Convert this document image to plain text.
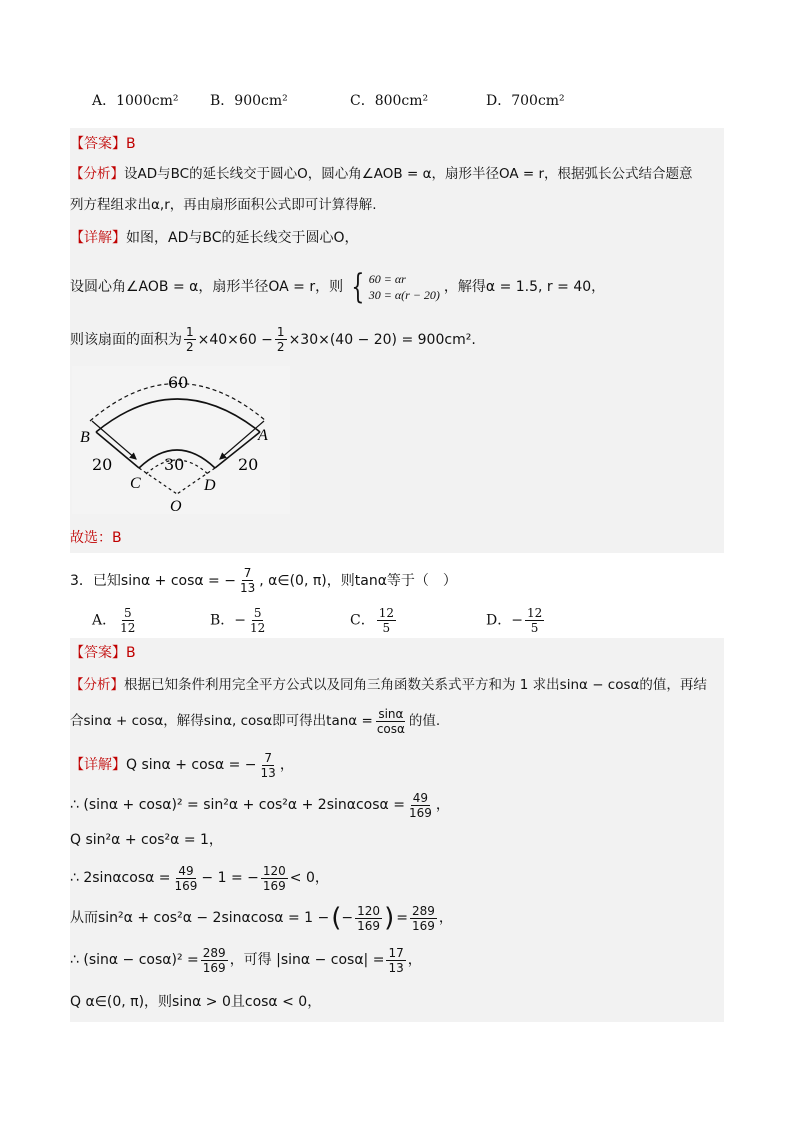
A．1000cm² B．900cm²	C．800cm²	D．700cm²
【答案】 B
【分析】 设AD与BC的延长线交于圆心O，圆心角∠AOB = α，扇形半径OA = r，根据弧长公式结合题意
列方程组求出α,r，再由扇形面积公式即可计算得解.
【详解】 如图，AD与BC的延长线交于圆心O，
设圆心角∠AOB = α，扇形半径OA = r，则 { 60 = αr
30 = α(r − 20) ，解得α = 1.5, r = 40，
则该扇面的面积为 $\frac{1}{2} \times 40\times 60 - \frac{1}{2} \times 30\times(40 - 20) = 900cm^2$.
故选：B
3．已知sinα + cosα = − $\frac{7}{13}$ , α∈(0, π)，则tanα等于（　）
A． $\frac{5}{12}$	B．− $\frac{5}{12}$	C． $\frac{12}{5}$	D．− $\frac{12}{5}$
【答案】 B
【分析】 根据已知条件利用完全平方公式以及同角三角函数关系式平方和为 1 求出sinα − cosα的值，再结
合sinα + cosα，解得sinα, cosα即可得出$\tan\alpha = \frac{\sin\alpha}{\cos\alpha}$ 的值.
【详解】 Q sinα + cosα = − $\frac{7}{13}$ ，
∴ $(\sin\alpha + \cos\alpha)^2 = \sin^2\alpha + \cos^2\alpha + 2\sin\alpha\cos\alpha = \frac{49}{169}$ ，
Q sin²α + cos²α = 1，
∴ $2\sin\alpha\cos\alpha = \frac{49}{169} - 1$ = − $\frac{120}{169} < 0$，
从而sin²α + cos²α − 2sinαcosα = 1 − ( − $\frac{120}{169}$ ) = $\frac{289}{169}$ ，
∴ $(\sin\alpha - \cos\alpha)^2 = \frac{289}{169}$ ，可得 $|\sin\alpha - \cos\alpha| = \frac{17}{13}$ ，
Q α∈(0, π)，则sinα > 0且cosα < 0，
60
30
20	20
B	A
C	D
O
